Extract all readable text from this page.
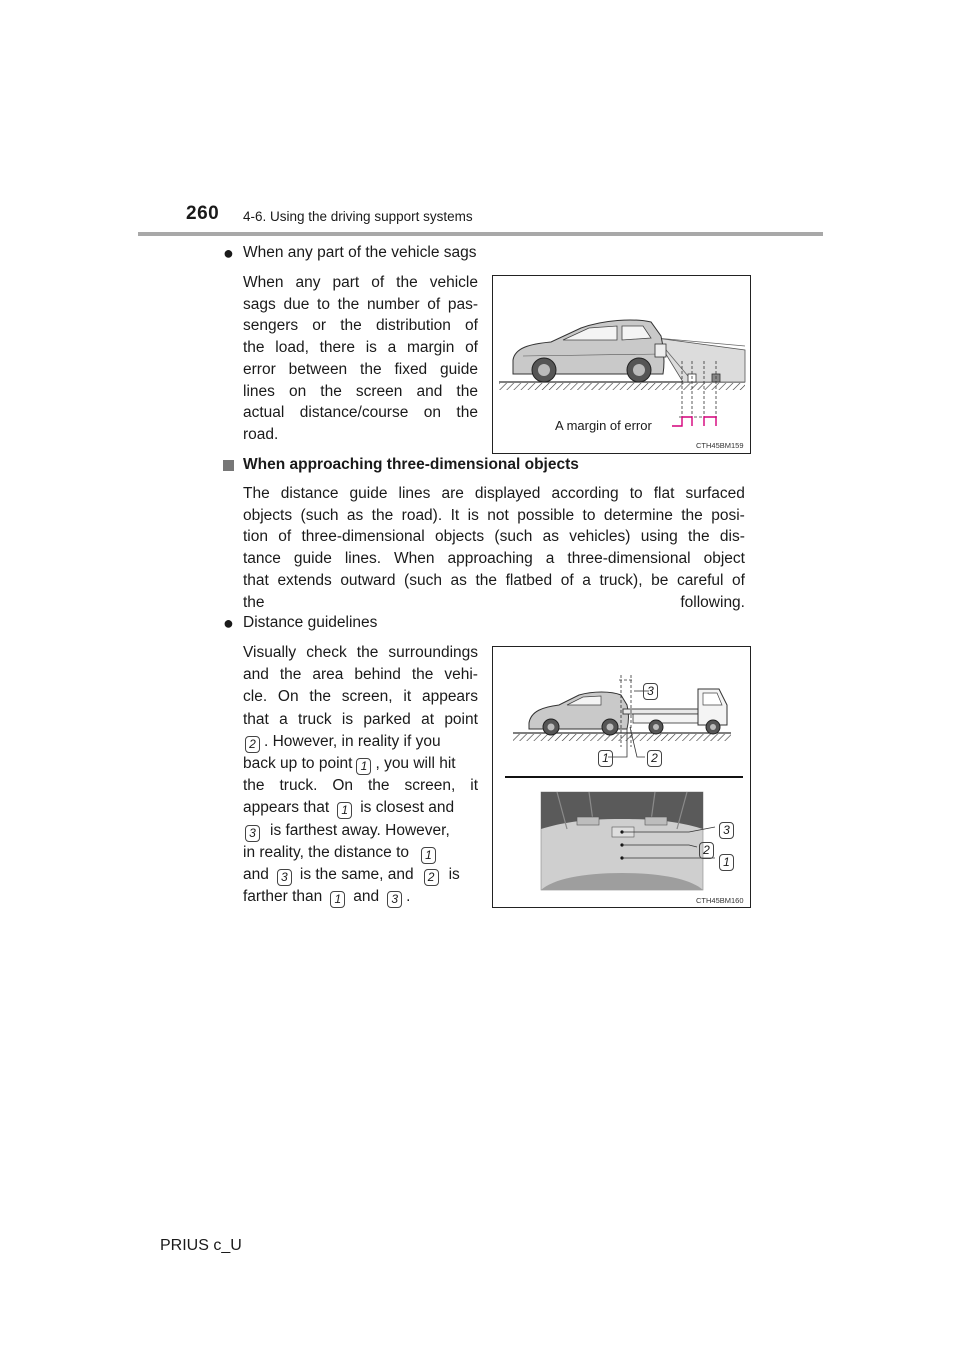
260 4-6. Using the driving support systems
● When any part of the vehicle sags
When any part of the vehicle
sags due to the number of pas-
sengers or the distribution of
the load, there is a margin of
error between the fixed guide
lines on the screen and the
actual distance/course on the
road.
A margin of error
CTH45BM159
When approaching three-dimensional objects
The distance guide lines are displayed according to flat surfaced
objects (such as the road). It is not possible to determine the posi-
tion of three-dimensional objects (such as vehicles) using the dis-
tance guide lines. When approaching a three-dimensional object
that extends outward (such as the flatbed of a truck), be careful of
the following.
● Distance guidelines
Visually check the surroundings
and the area behind the vehi-
cle. On the screen, it appears
that a truck is parked at point
2 . However, in reality if you
back up to point 1 , you will hit
the truck. On the screen, it
appears that 1 is closest and
3 is farthest away. However,
in reality, the distance to 1
and 3 is the same, and 2 is
farther than 1 and 3 .
3
1	2
3
2
1
CTH45BM160
PRIUS c_U
